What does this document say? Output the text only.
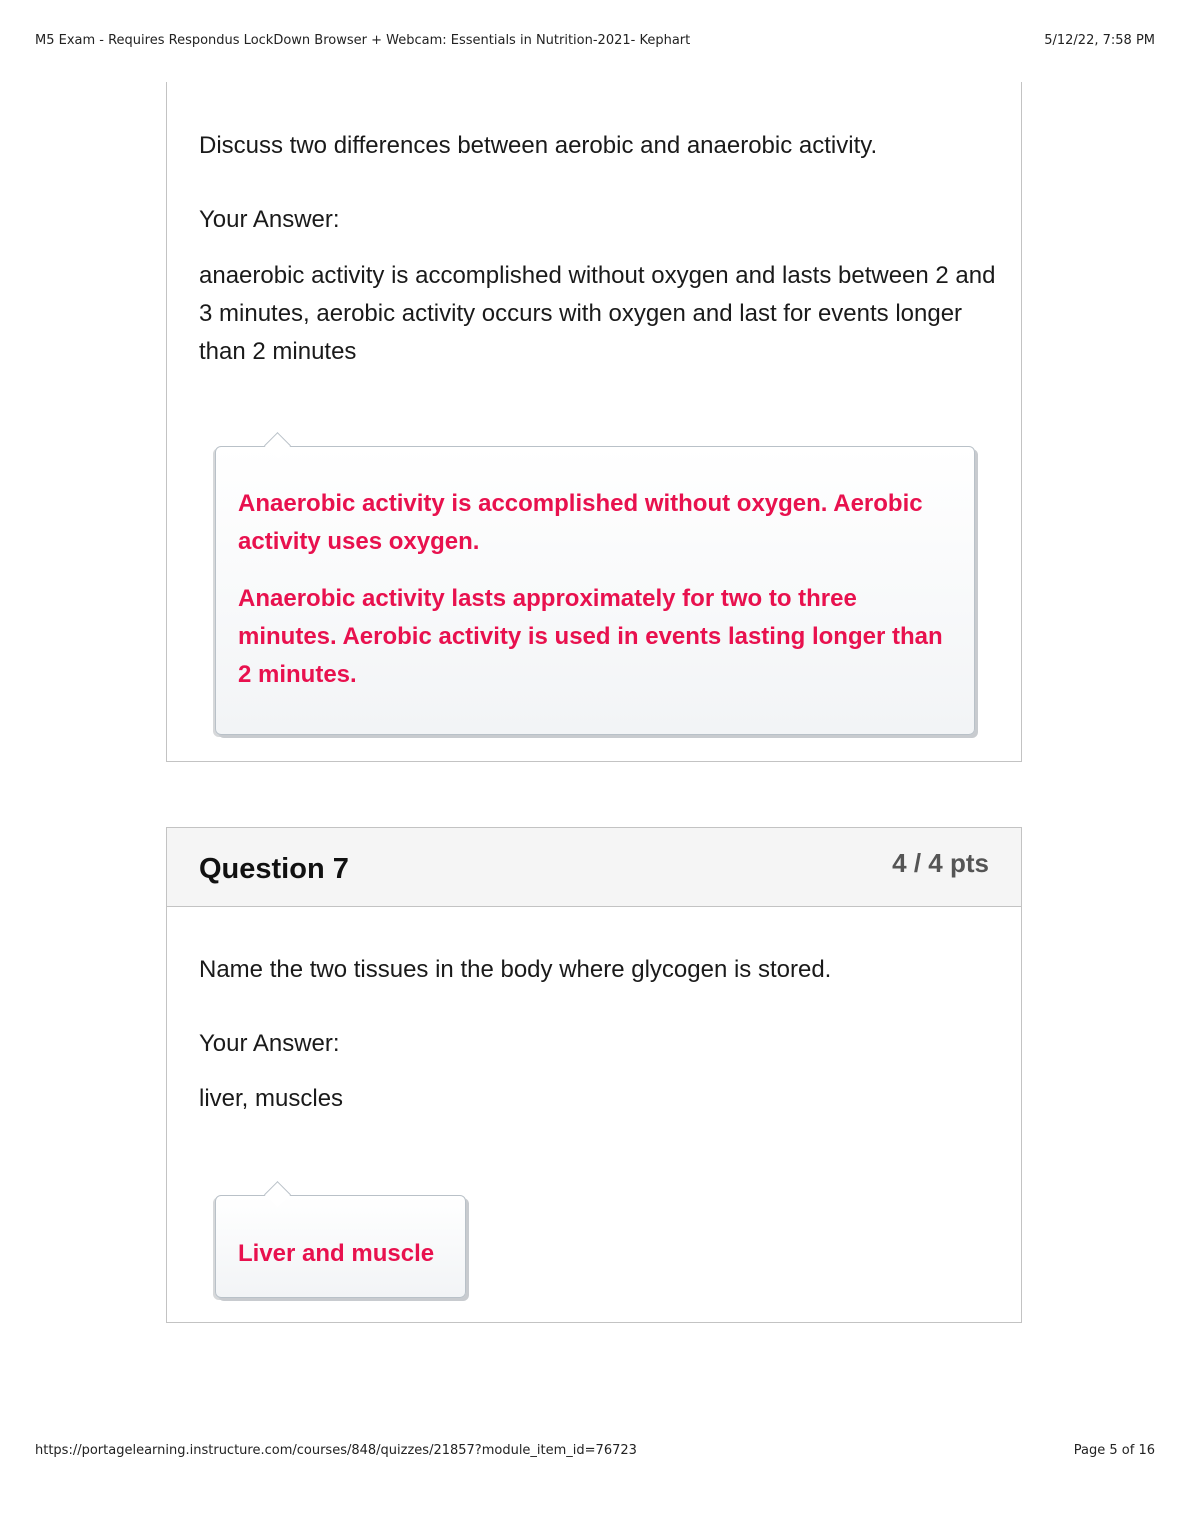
M5 Exam - Requires Respondus LockDown Browser + Webcam: Essentials in Nutrition-2021- Kephart	5/12/22, 7:58 PM
Discuss two differences between aerobic and anaerobic activity.
Your Answer:
anaerobic activity is accomplished without oxygen and lasts between 2 and 3 minutes, aerobic activity occurs with oxygen and last for events longer than 2 minutes

Anaerobic activity is accomplished without oxygen. Aerobic activity uses oxygen.

Anaerobic activity lasts approximately for two to three minutes. Aerobic activity is used in events lasting longer than 2 minutes.

Question 7	4 / 4 pts
Name the two tissues in the body where glycogen is stored.
Your Answer:
liver, muscles

Liver and muscle

https://portagelearning.instructure.com/courses/848/quizzes/21857?module_item_id=76723	Page 5 of 16
